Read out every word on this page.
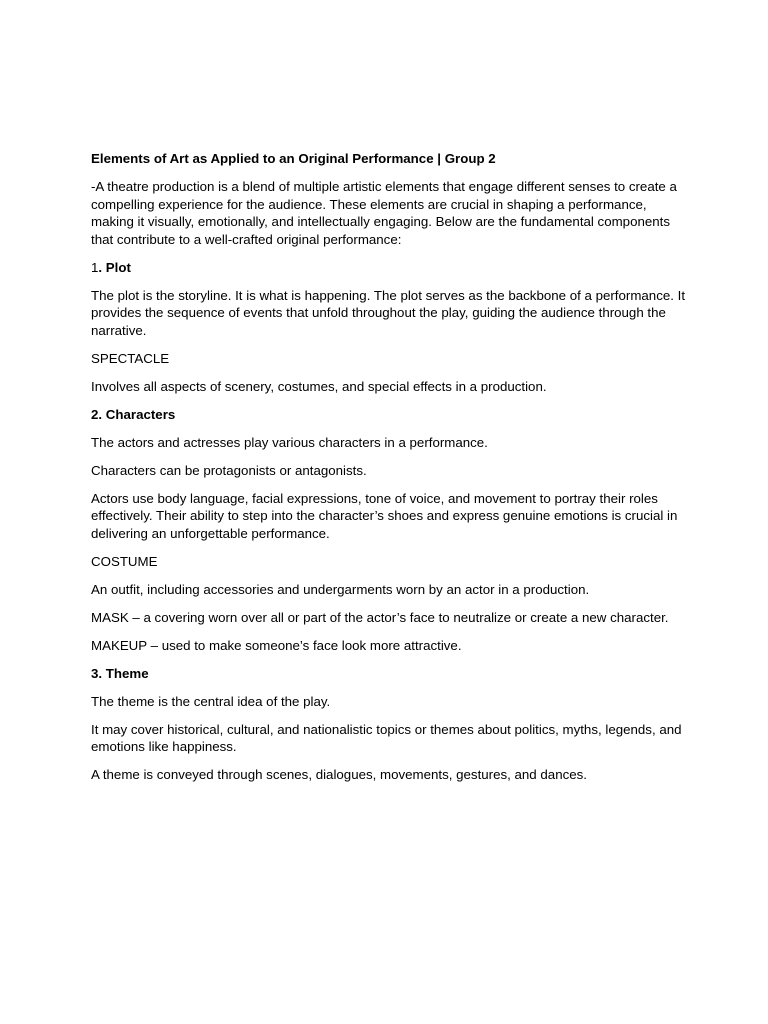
Elements of Art as Applied to an Original Performance | Group 2

-A theatre production is a blend of multiple artistic elements that engage different senses to create a compelling experience for the audience. These elements are crucial in shaping a performance, making it visually, emotionally, and intellectually engaging. Below are the fundamental components that contribute to a well-crafted original performance:

1. Plot

The plot is the storyline. It is what is happening. The plot serves as the backbone of a performance. It provides the sequence of events that unfold throughout the play, guiding the audience through the narrative.

SPECTACLE

Involves all aspects of scenery, costumes, and special effects in a production.

2. Characters

The actors and actresses play various characters in a performance.

Characters can be protagonists or antagonists.

Actors use body language, facial expressions, tone of voice, and movement to portray their roles effectively. Their ability to step into the character’s shoes and express genuine emotions is crucial in delivering an unforgettable performance.

COSTUME

An outfit, including accessories and undergarments worn by an actor in a production.

MASK – a covering worn over all or part of the actor’s face to neutralize or create a new character.

MAKEUP – used to make someone’s face look more attractive.

3. Theme

The theme is the central idea of the play.

It may cover historical, cultural, and nationalistic topics or themes about politics, myths, legends, and emotions like happiness.

A theme is conveyed through scenes, dialogues, movements, gestures, and dances.
